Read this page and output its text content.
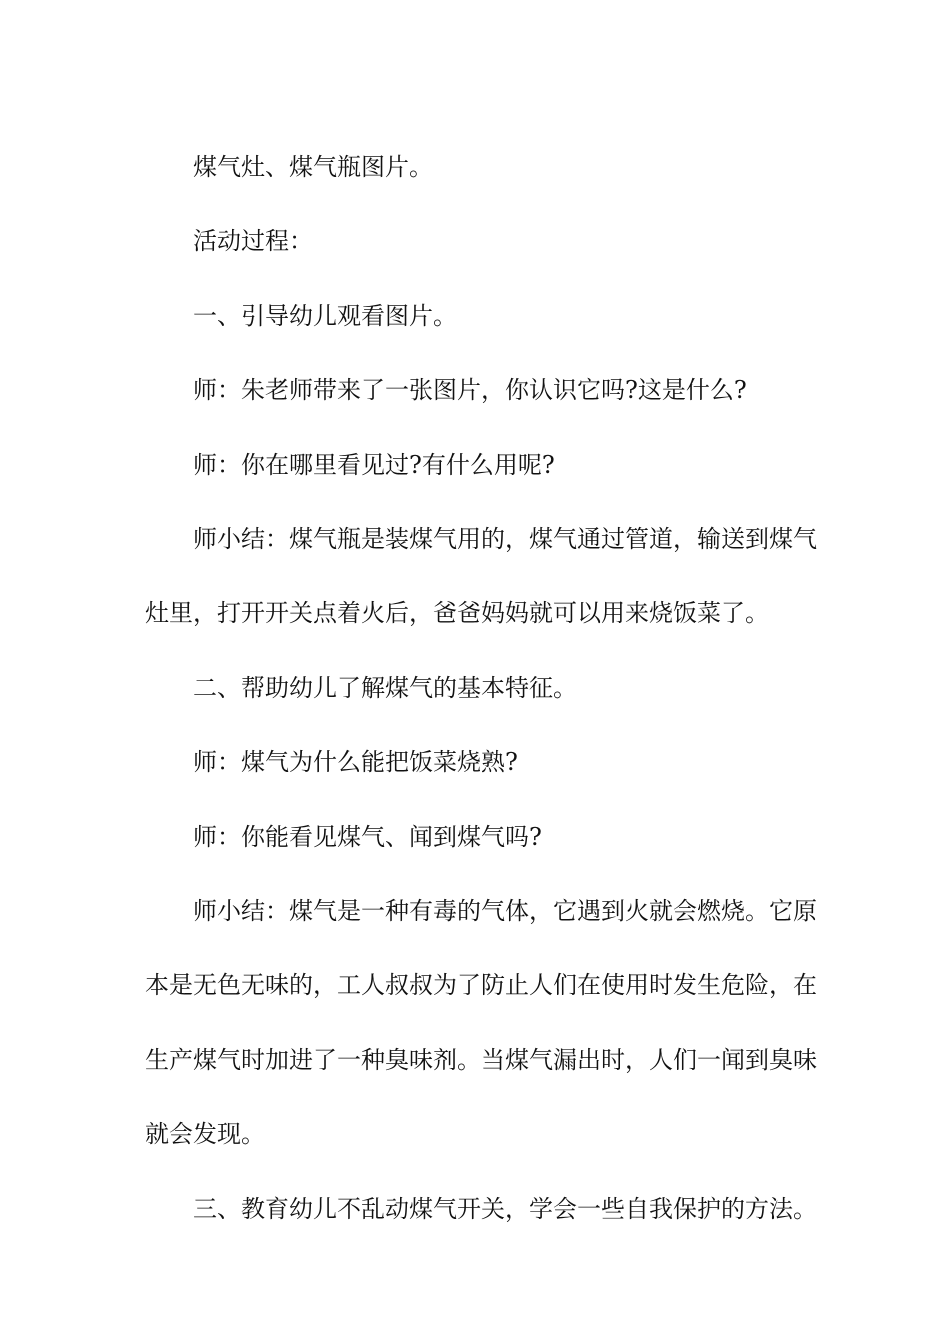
煤气灶、煤气瓶图片。

活动过程：

一、引导幼儿观看图片。

师：朱老师带来了一张图片，你认识它吗?这是什么?

师：你在哪里看见过?有什么用呢?

师小结：煤气瓶是装煤气用的，煤气通过管道，输送到煤气灶里，打开开关点着火后，爸爸妈妈就可以用来烧饭菜了。

二、帮助幼儿了解煤气的基本特征。

师：煤气为什么能把饭菜烧熟?

师：你能看见煤气、闻到煤气吗?

师小结：煤气是一种有毒的气体，它遇到火就会燃烧。它原本是无色无味的，工人叔叔为了防止人们在使用时发生危险，在生产煤气时加进了一种臭味剂。当煤气漏出时，人们一闻到臭味就会发现。

三、教育幼儿不乱动煤气开关，学会一些自我保护的方法。
